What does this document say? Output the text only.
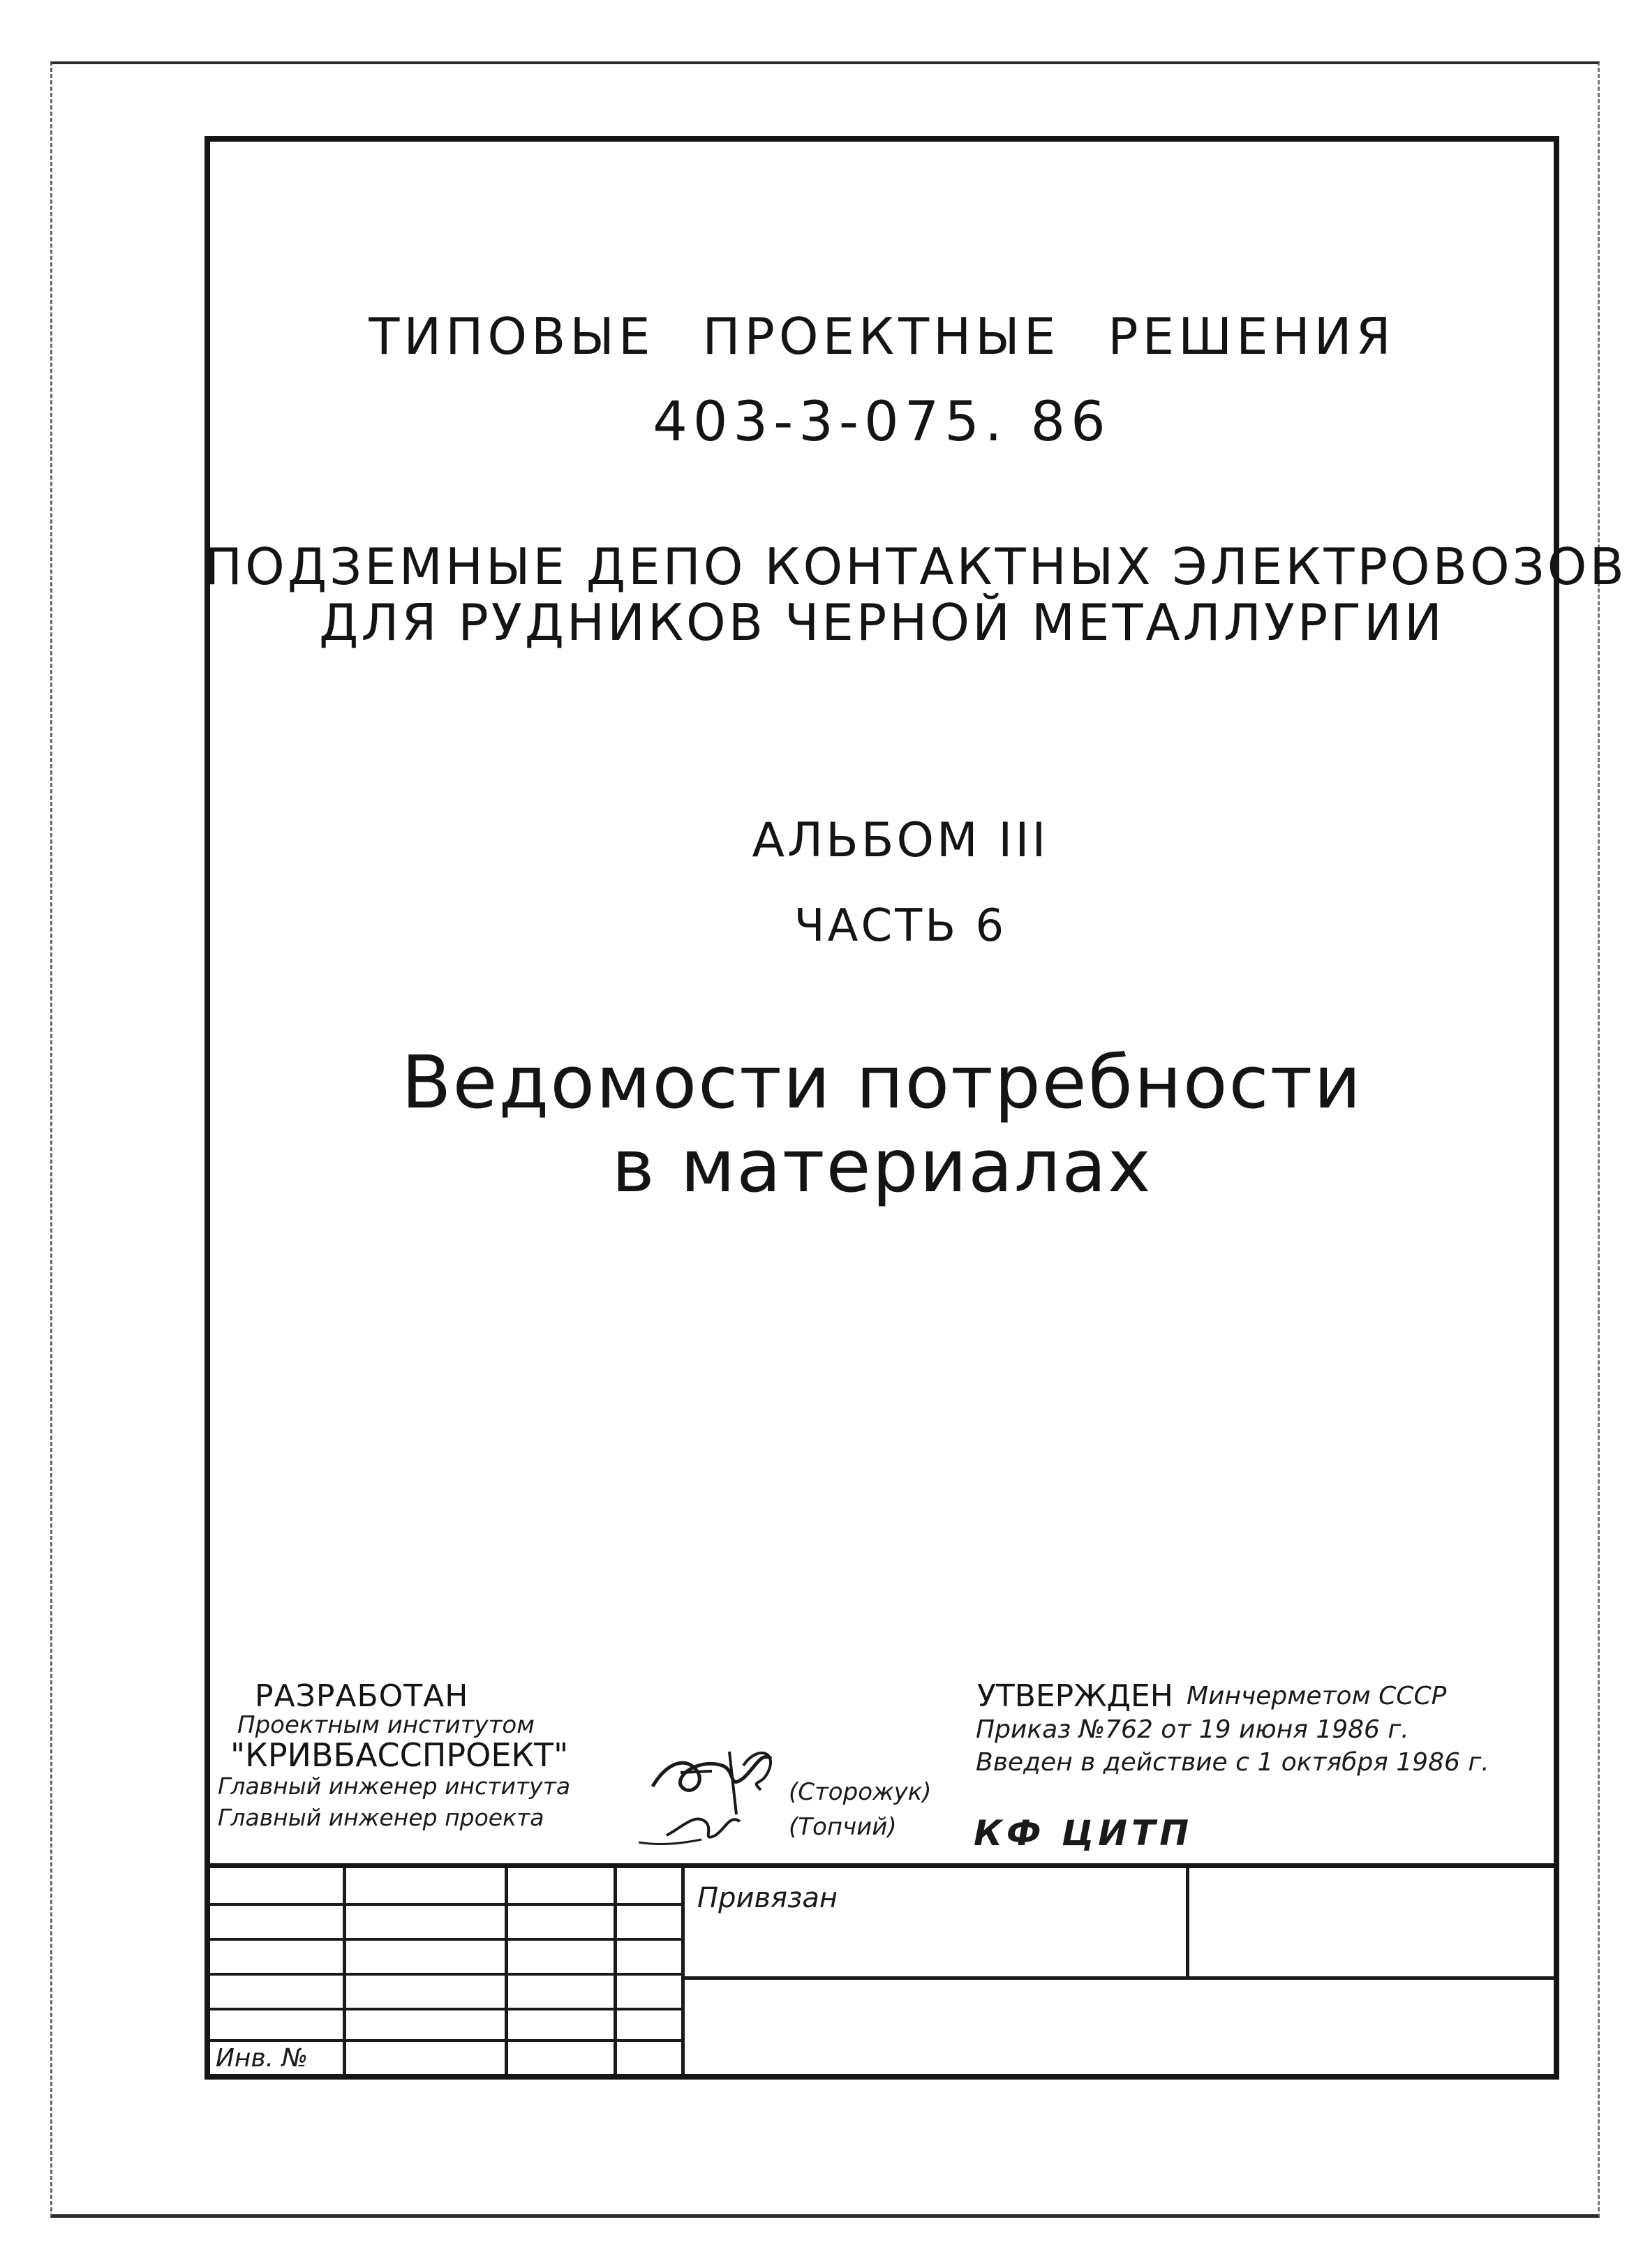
ТИПОВЫЕ ПРОЕКТНЫЕ РЕШЕНИЯ
403-3-075. 86
ПОДЗЕМНЫЕ ДЕПО КОНТАКТНЫХ ЭЛЕКТРОВОЗОВ
ДЛЯ РУДНИКОВ ЧЕРНОЙ МЕТАЛЛУРГИИ
АЛЬБОМ III
ЧАСТЬ 6
Ведомости потребности
в материалах
РАЗРАБОТАН
Проектным институтом
"КРИВБАССПРОЕКТ"
Главный инженер института
Главный инженер проекта
(Сторожук)
(Топчий)
УТВЕРЖДЕН Минчерметом СССР
Приказ №762 от 19 июня 1986 г.
Введен в действие с 1 октября 1986 г.
КФ ЦИТП
Привязан
Инв. №
